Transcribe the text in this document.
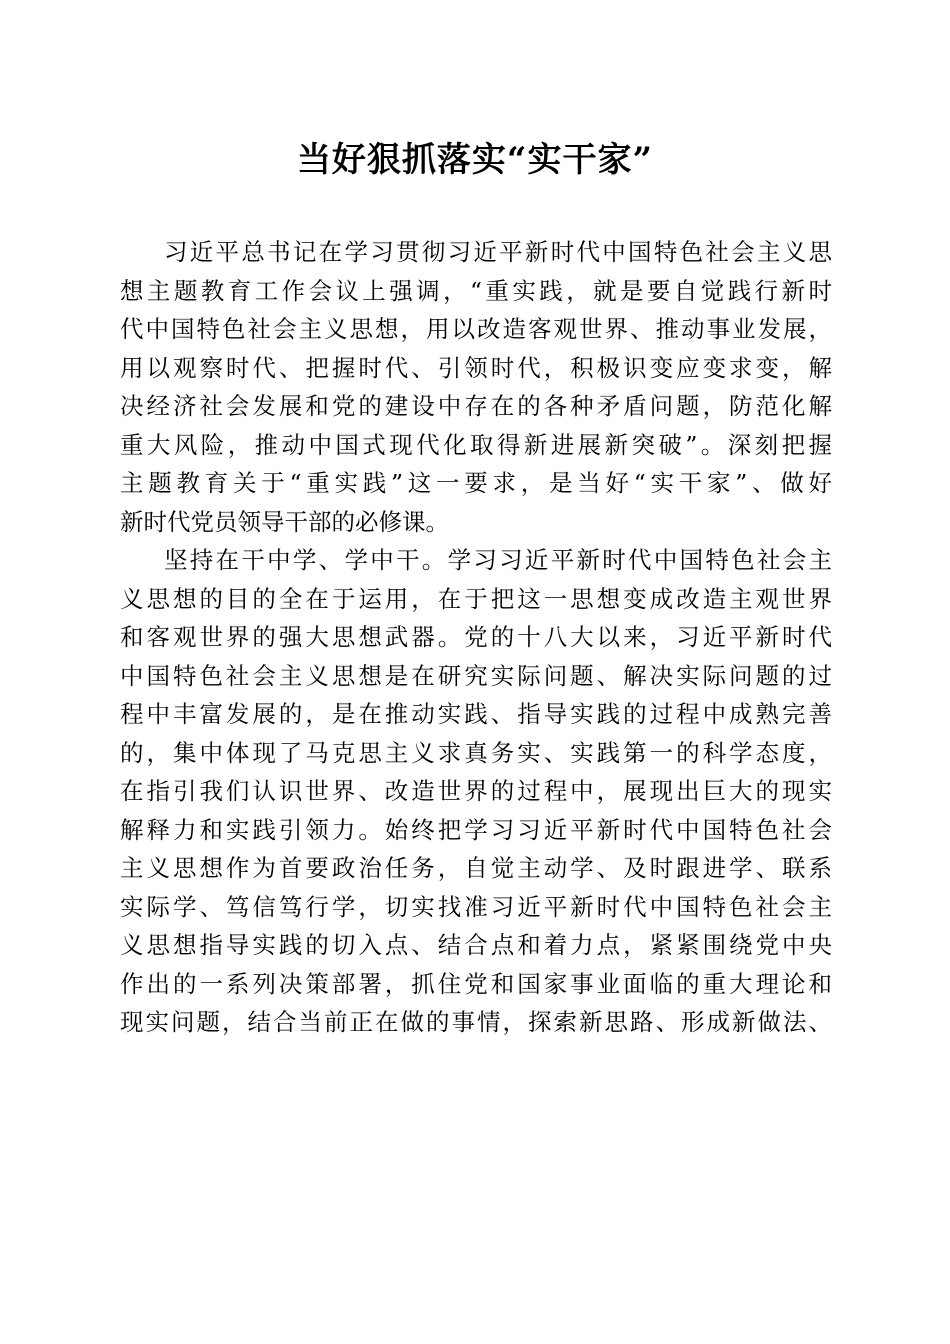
当好狠抓落实“实干家”
习近平总书记在学习贯彻习近平新时代中国特色社会主义思
想主题教育工作会议上强调，“重实践，就是要自觉践行新时
代中国特色社会主义思想，用以改造客观世界、推动事业发展，
用以观察时代、把握时代、引领时代，积极识变应变求变，解
决经济社会发展和党的建设中存在的各种矛盾问题，防范化解
重大风险，推动中国式现代化取得新进展新突破”。深刻把握
主题教育关于“重实践”这一要求，是当好“实干家”、做好
新时代党员领导干部的必修课。
坚持在干中学、学中干。学习习近平新时代中国特色社会主
义思想的目的全在于运用，在于把这一思想变成改造主观世界
和客观世界的强大思想武器。党的十八大以来，习近平新时代
中国特色社会主义思想是在研究实际问题、解决实际问题的过
程中丰富发展的，是在推动实践、指导实践的过程中成熟完善
的，集中体现了马克思主义求真务实、实践第一的科学态度，
在指引我们认识世界、改造世界的过程中，展现出巨大的现实
解释力和实践引领力。始终把学习习近平新时代中国特色社会
主义思想作为首要政治任务，自觉主动学、及时跟进学、联系
实际学、笃信笃行学，切实找准习近平新时代中国特色社会主
义思想指导实践的切入点、结合点和着力点，紧紧围绕党中央
作出的一系列决策部署，抓住党和国家事业面临的重大理论和
现实问题，结合当前正在做的事情，探索新思路、形成新做法、
